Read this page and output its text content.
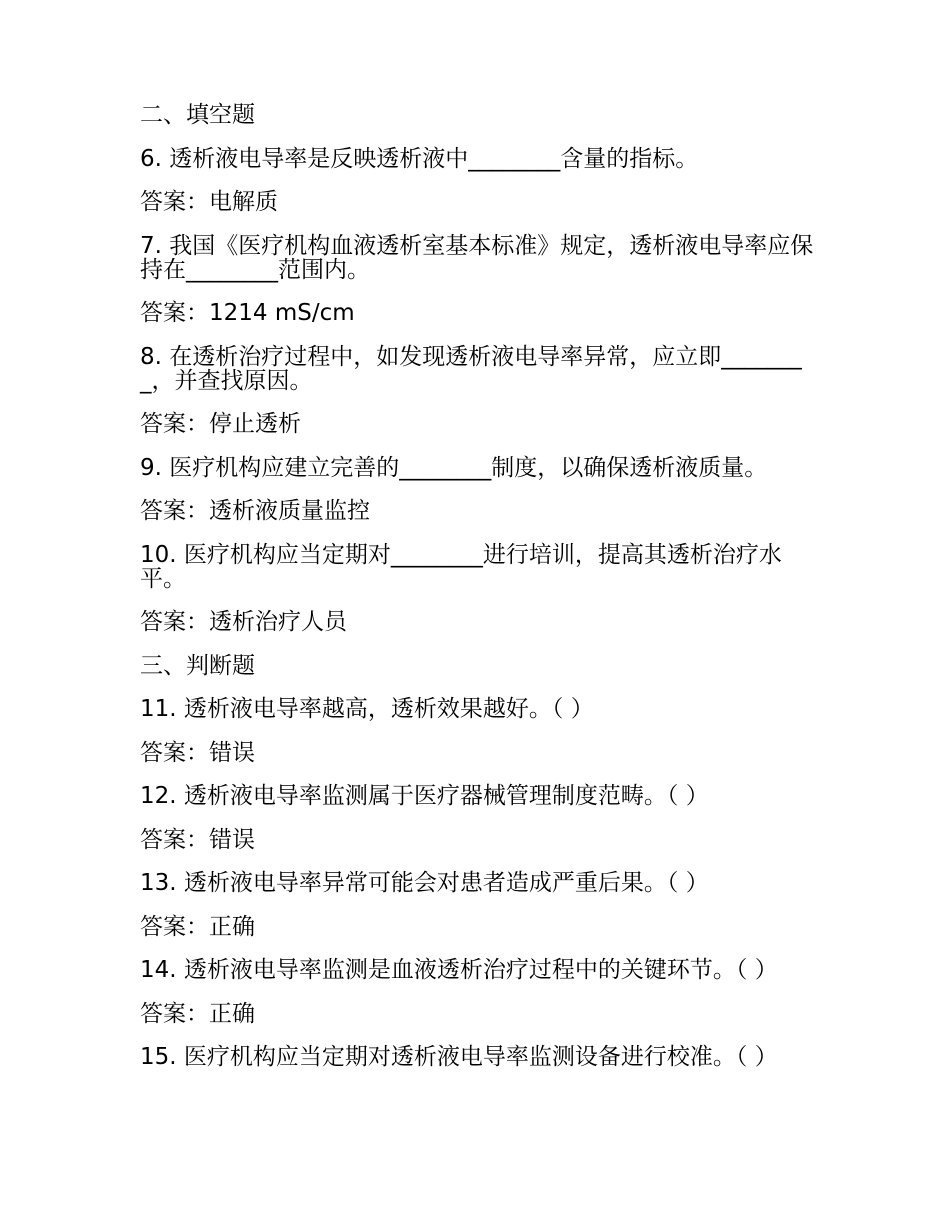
二、填空题
6. 透析液电导率是反映透析液中________含量的指标。
答案：电解质
7. 我国《医疗机构血液透析室基本标准》规定，透析液电导率应保持在________范围内。
答案：1214 mS/cm
8. 在透析治疗过程中，如发现透析液电导率异常，应立即________，并查找原因。
答案：停止透析
9. 医疗机构应建立完善的________制度，以确保透析液质量。
答案：透析液质量监控
10. 医疗机构应当定期对________进行培训，提高其透析治疗水平。
答案：透析治疗人员
三、判断题
11. 透析液电导率越高，透析效果越好。（ ）
答案：错误
12. 透析液电导率监测属于医疗器械管理制度范畴。（ ）
答案：错误
13. 透析液电导率异常可能会对患者造成严重后果。（ ）
答案：正确
14. 透析液电导率监测是血液透析治疗过程中的关键环节。（ ）
答案：正确
15. 医疗机构应当定期对透析液电导率监测设备进行校准。（ ）
